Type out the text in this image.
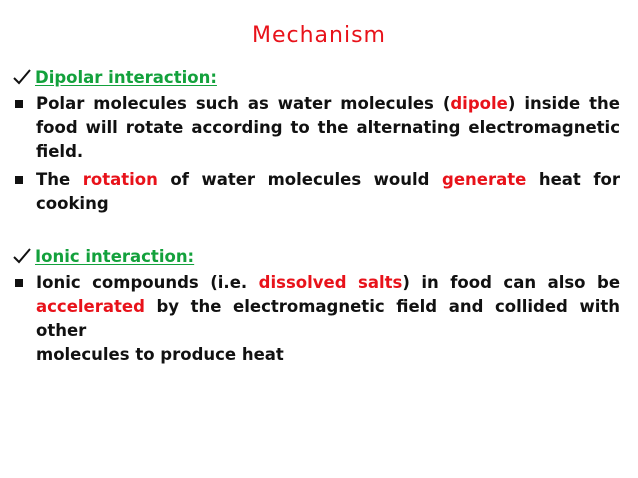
Mechanism
Dipolar interaction:
Polar molecules such as water molecules (dipole) inside the
food will rotate according to the alternating electromagnetic
field.
The rotation of water molecules would generate heat for
cooking
Ionic interaction:
Ionic compounds (i.e. dissolved salts) in food can also be
accelerated by the electromagnetic field and collided with other
molecules to produce heat
